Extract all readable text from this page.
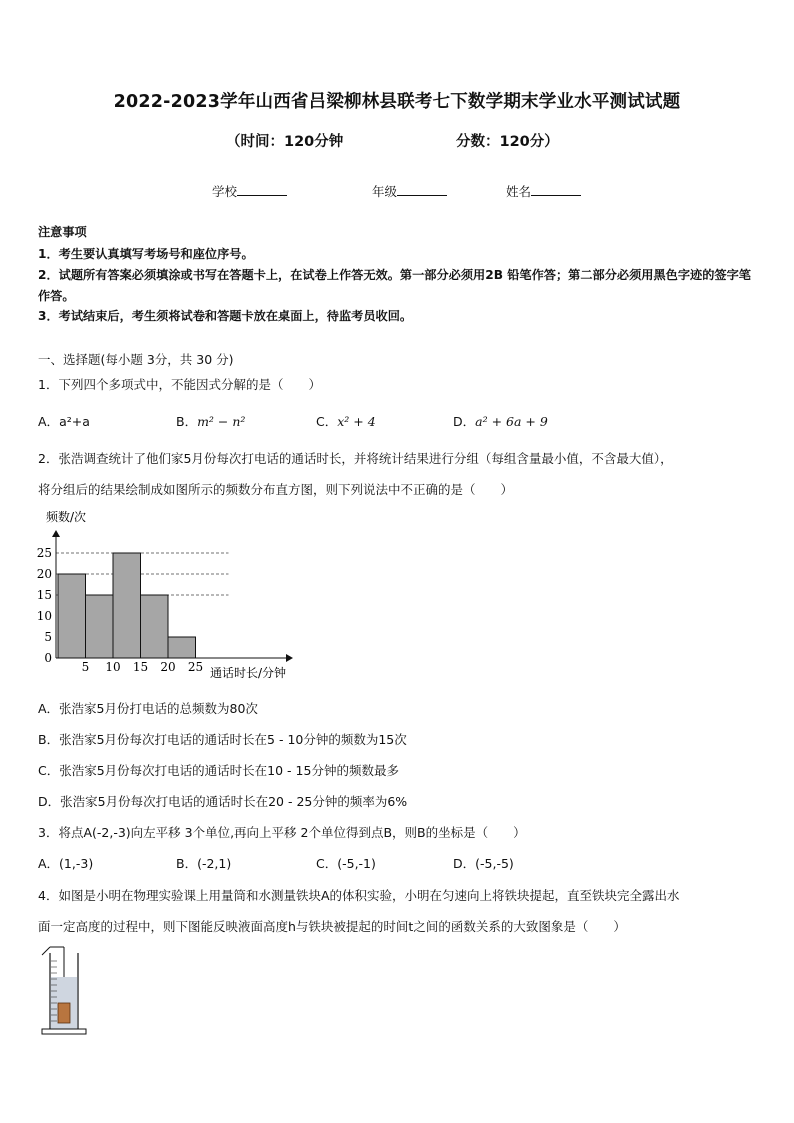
2022-2023学年山西省吕梁柳林县联考七下数学期末学业水平测试试题
（时间：120分钟	分数：120分）
学校	年级	姓名
注意事项
1．考生要认真填写考场号和座位序号。
2．试题所有答案必须填涂或书写在答题卡上，在试卷上作答无效。第一部分必须用2B 铅笔作答；第二部分必须用黑色字迹的签字笔作答。
3．考试结束后，考生须将试卷和答题卡放在桌面上，待监考员收回。
一、选择题(每小题 3分，共 30 分)
1．下列四个多项式中，不能因式分解的是（　　）
A．a²+a	B．m² − n²	C．x² + 4	D．a² + 6a + 9
2．张浩调查统计了他们家5月份每次打电话的通话时长，并将统计结果进行分组（每组含量最小值，不含最大值），
将分组后的结果绘制成如图所示的频数分布直方图，则下列说法中不正确的是（　　）
0
5
10
15
20
25
5 10 15 20 25
频数/次
通话时长/分钟
A．张浩家5月份打电话的总频数为80次
B．张浩家5月份每次打电话的通话时长在5 - 10分钟的频数为15次
C．张浩家5月份每次打电话的通话时长在10 - 15分钟的频数最多
D．张浩家5月份每次打电话的通话时长在20 - 25分钟的频率为6%
3．将点A(-2,-3)向左平移 3个单位,再向上平移 2个单位得到点B，则B的坐标是（　　）
A．(1,-3)	B．(-2,1)	C．(-5,-1)	D．(-5,-5)
4．如图是小明在物理实验课上用量筒和水测量铁块A的体积实验，小明在匀速向上将铁块提起，直至铁块完全露出水
面一定高度的过程中，则下图能反映液面高度h与铁块被提起的时间t之间的函数关系的大致图象是（　　）
